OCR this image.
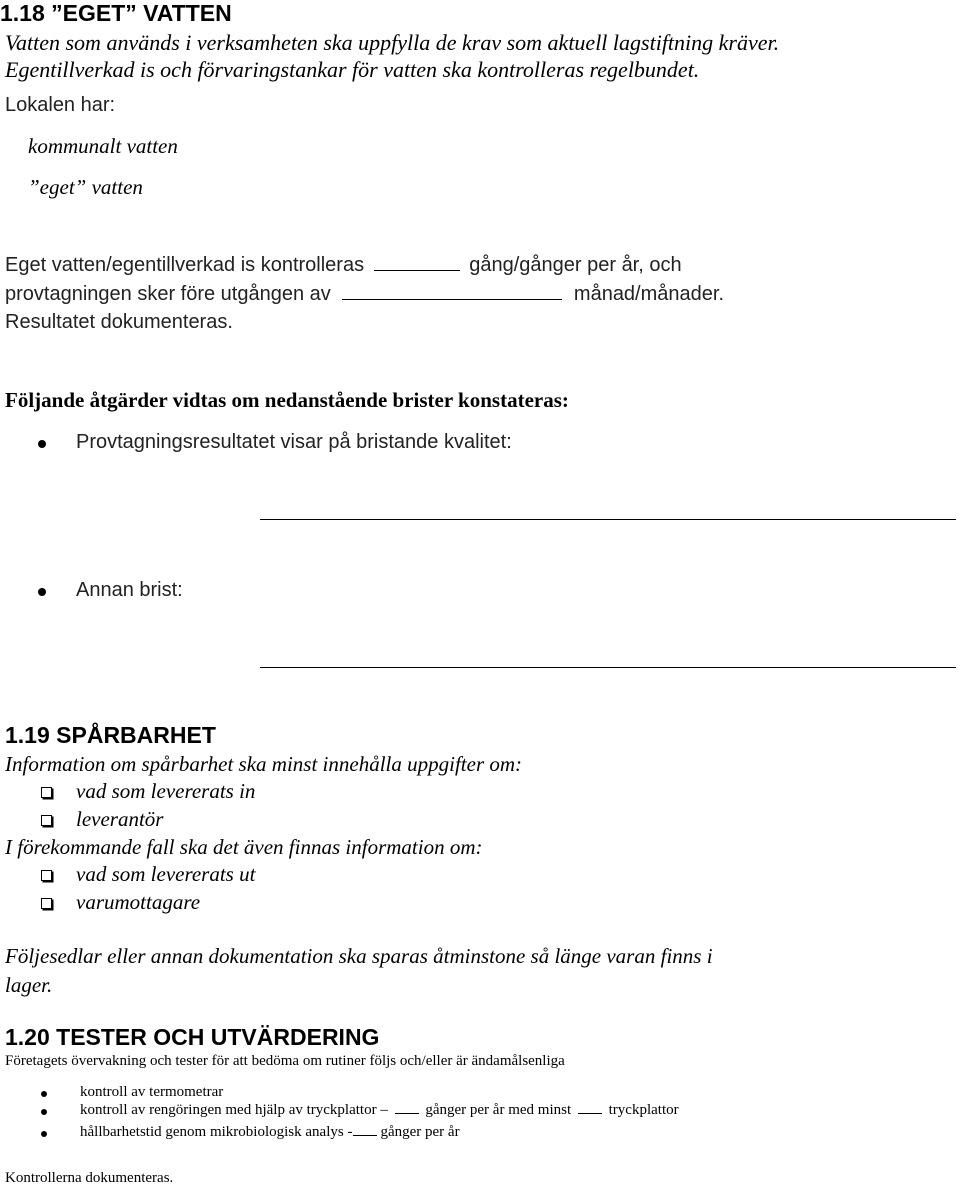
1.18 ”EGET” VATTEN
Vatten som används i verksamheten ska uppfylla de krav som aktuell lagstiftning kräver.
Egentillverkad is och förvaringstankar för vatten ska kontrolleras regelbundet.
Lokalen har:
kommunalt vatten
”eget” vatten
Eget vatten/egentillverkad is kontrolleras	gång/gånger per år, och
provtagningen sker före utgången av	månad/månader.
Resultatet dokumenteras.
Följande åtgärder vidtas om nedanstående brister konstateras:
Provtagningsresultatet visar på bristande kvalitet:
Annan brist:
1.19 SPÅRBARHET
Information om spårbarhet ska minst innehålla uppgifter om:
vad som levererats in
leverantör
I förekommande fall ska det även finnas information om:
vad som levererats ut
varumottagare
Följesedlar eller annan dokumentation ska sparas åtminstone så länge varan finns i
lager.
1.20 TESTER OCH UTVÄRDERING
Företagets övervakning och tester för att bedöma om rutiner följs och/eller är ändamålsenliga
kontroll av termometrar
kontroll av rengöringen med hjälp av tryckplattor –	gånger per år med minst	tryckplattor
hållbarhetstid genom mikrobiologisk analys - gånger per år
Kontrollerna dokumenteras.
